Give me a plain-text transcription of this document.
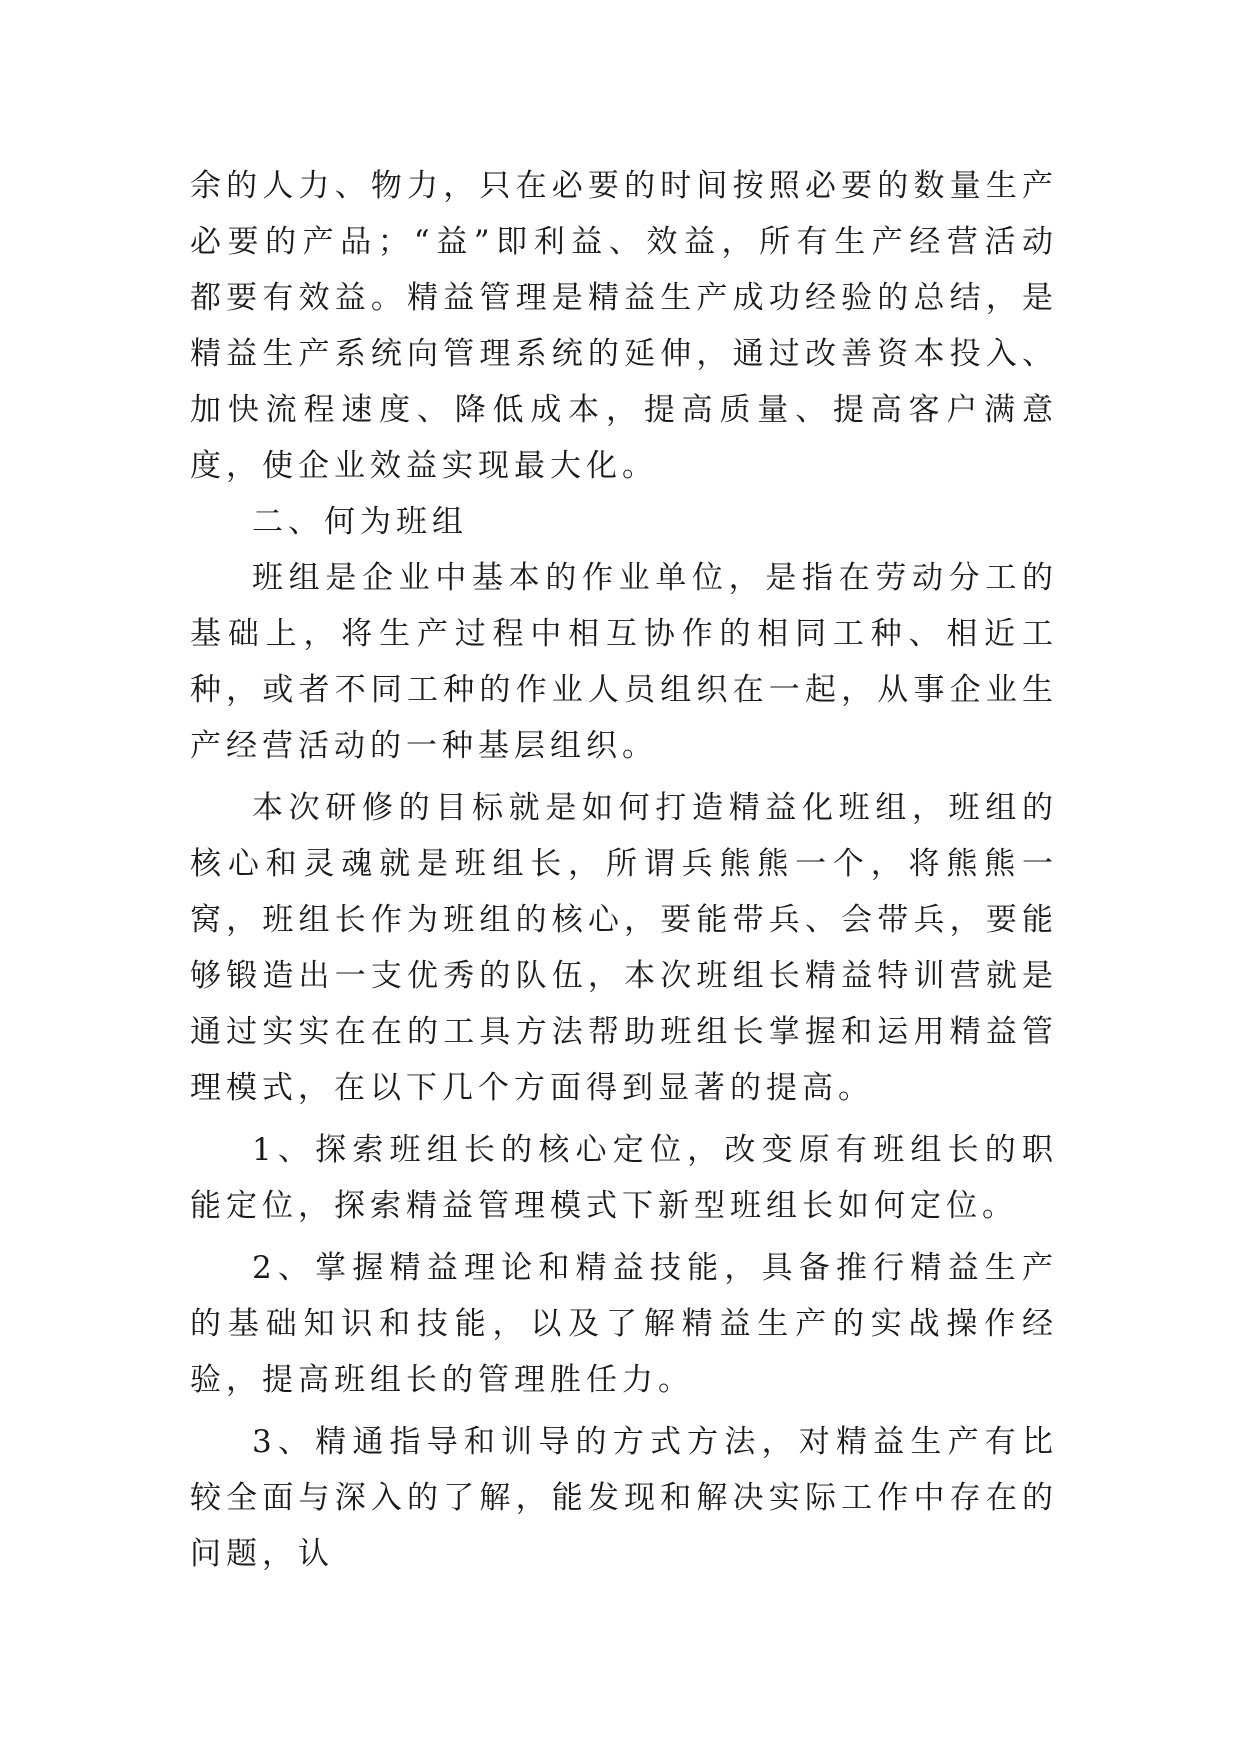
余的人力、物力，只在必要的时间按照必要的数量生产必要的产品；“益”即利益、效益，所有生产经营活动都要有效益。精益管理是精益生产成功经验的总结，是精益生产系统向管理系统的延伸，通过改善资本投入、加快流程速度、降低成本，提高质量、提高客户满意度，使企业效益实现最大化。

二、何为班组

班组是企业中基本的作业单位，是指在劳动分工的基础上，将生产过程中相互协作的相同工种、相近工种，或者不同工种的作业人员组织在一起，从事企业生产经营活动的一种基层组织。

本次研修的目标就是如何打造精益化班组，班组的核心和灵魂就是班组长，所谓兵熊熊一个，将熊熊一窝，班组长作为班组的核心，要能带兵、会带兵，要能够锻造出一支优秀的队伍，本次班组长精益特训营就是通过实实在在的工具方法帮助班组长掌握和运用精益管理模式，在以下几个方面得到显著的提高。

1、探索班组长的核心定位，改变原有班组长的职能定位，探索精益管理模式下新型班组长如何定位。

2、掌握精益理论和精益技能，具备推行精益生产的基础知识和技能，以及了解精益生产的实战操作经验，提高班组长的管理胜任力。

3、精通指导和训导的方式方法，对精益生产有比较全面与深入的了解，能发现和解决实际工作中存在的问题，认
